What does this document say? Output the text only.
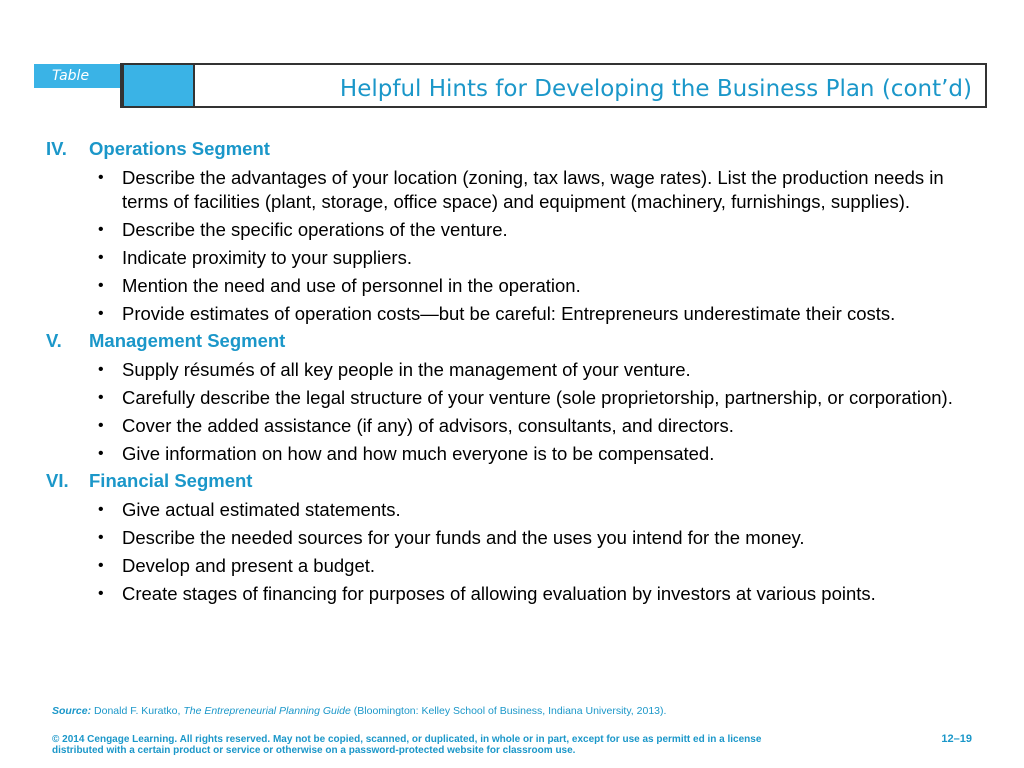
Table	Helpful Hints for Developing the Business Plan (cont’d)
IV.	Operations Segment
• Describe the advantages of your location (zoning, tax laws, wage rates). List the production needs in terms of facilities (plant, storage, office space) and equipment (machinery, furnishings, supplies).
• Describe the specific operations of the venture.
• Indicate proximity to your suppliers.
• Mention the need and use of personnel in the operation.
• Provide estimates of operation costs—but be careful: Entrepreneurs underestimate their costs.
V.	Management Segment
• Supply résumés of all key people in the management of your venture.
• Carefully describe the legal structure of your venture (sole proprietorship, partnership, or corporation).
• Cover the added assistance (if any) of advisors, consultants, and directors.
• Give information on how and how much everyone is to be compensated.
VI.	Financial Segment
• Give actual estimated statements.
• Describe the needed sources for your funds and the uses you intend for the money.
• Develop and present a budget.
• Create stages of financing for purposes of allowing evaluation by investors at various points.
Source: Donald F. Kuratko, The Entrepreneurial Planning Guide (Bloomington: Kelley School of Business, Indiana University, 2013).
© 2014 Cengage Learning. All rights reserved. May not be copied, scanned, or duplicated, in whole or in part, except for use as permitt ed in a license distributed with a certain product or service or otherwise on a password-protected website for classroom use.
12–19
